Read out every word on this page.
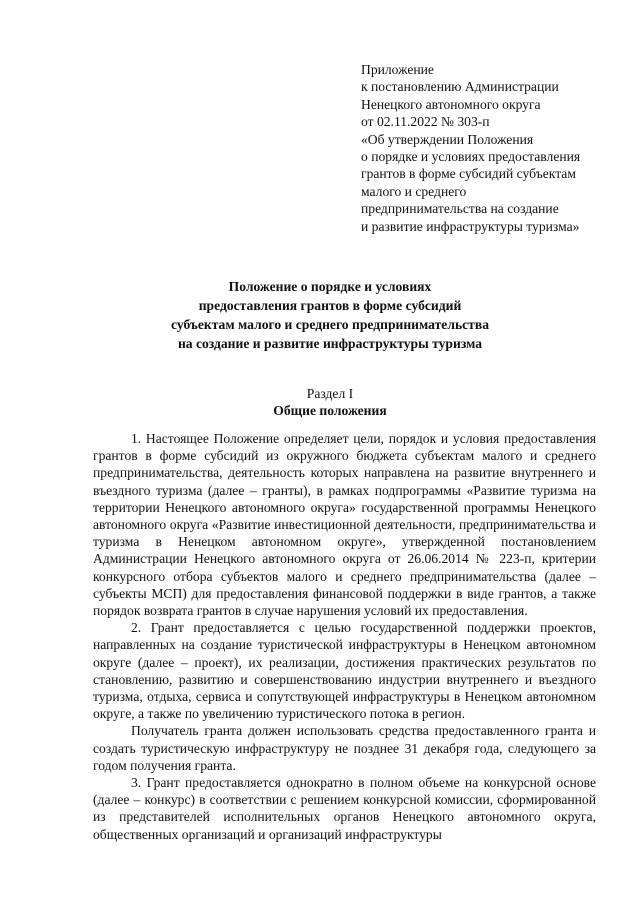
Приложение
к постановлению Администрации
Ненецкого автономного округа
от 02.11.2022 № 303-п
«Об утверждении Положения
о порядке и условиях предоставления
грантов в форме субсидий субъектам
малого и среднего
предпринимательства на создание
и развитие инфраструктуры туризма»
Положение о порядке и условиях
предоставления грантов в форме субсидий
субъектам малого и среднего предпринимательства
на создание и развитие инфраструктуры туризма
Раздел I
Общие положения

1. Настоящее Положение определяет цели, порядок и условия предоставления грантов в форме субсидий из окружного бюджета субъектам малого и среднего предпринимательства, деятельность которых направлена на развитие внутреннего и въездного туризма (далее – гранты), в рамках подпрограммы «Развитие туризма на территории Ненецкого автономного округа» государственной программы Ненецкого автономного округа «Развитие инвестиционной деятельности, предпринимательства и туризма в Ненецком автономном округе», утвержденной постановлением Администрации Ненецкого автономного округа от 26.06.2014 № 223-п, критерии конкурсного отбора субъектов малого и среднего предпринимательства (далее – субъекты МСП) для предоставления финансовой поддержки в виде грантов, а также порядок возврата грантов в случае нарушения условий их предоставления.

2. Грант предоставляется с целью государственной поддержки проектов, направленных на создание туристической инфраструктуры в Ненецком автономном округе (далее – проект), их реализации, достижения практических результатов по становлению, развитию и совершенствованию индустрии внутреннего и въездного туризма, отдыха, сервиса и сопутствующей инфраструктуры в Ненецком автономном округе, а также по увеличению туристического потока в регион.

Получатель гранта должен использовать средства предоставленного гранта и создать туристическую инфраструктуру не позднее 31 декабря года, следующего за годом получения гранта.

3. Грант предоставляется однократно в полном объеме на конкурсной основе (далее – конкурс) в соответствии с решением конкурсной комиссии, сформированной из представителей исполнительных органов Ненецкого автономного округа, общественных организаций и организаций инфраструктуры
